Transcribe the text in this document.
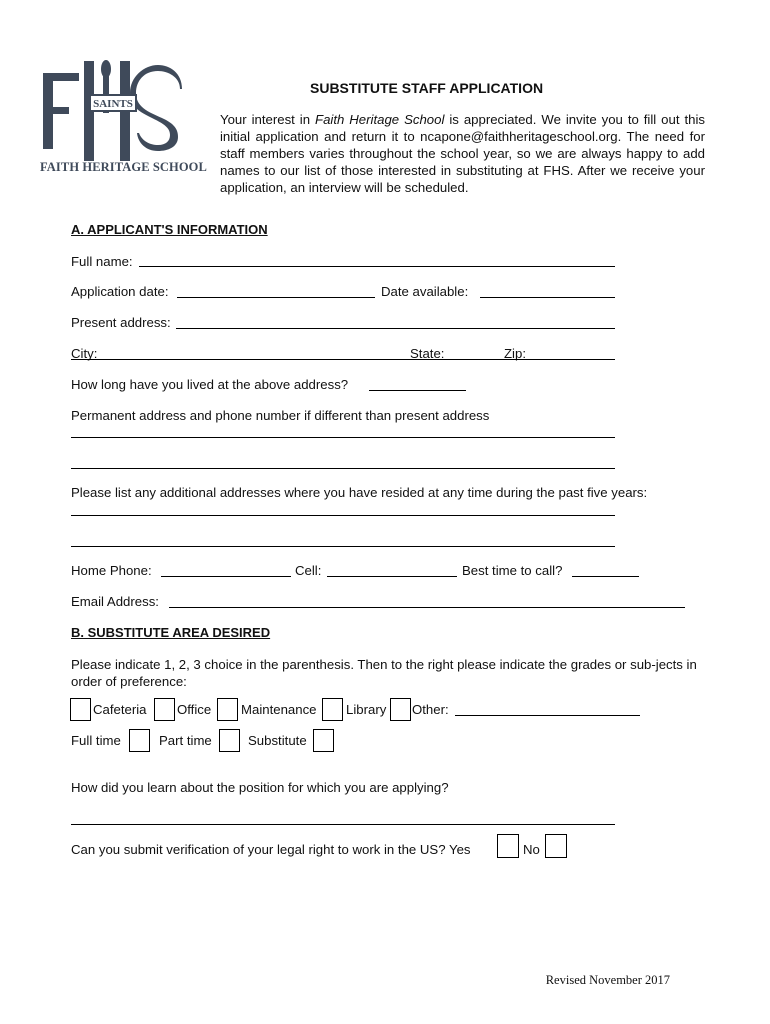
SAINTS
FAITH HERITAGE SCHOOL
SUBSTITUTE STAFF APPLICATION
Your interest in Faith Heritage School is appreciated. We invite you to fill out this initial application and return it to ncapone@faithheritageschool.org. The need for staff members varies throughout the school year, so we are always happy to add names to our list of those interested in substituting at FHS. After we receive your application, an interview will be scheduled.
A. APPLICANT'S INFORMATION
Full name:
Application date:	Date available:
Present address:
City:	State:	Zip:
How long have you lived at the above address?
Permanent address and phone number if different than present address
Please list any additional addresses where you have resided at any time during the past five years:
Home Phone:	Cell:	Best time to call?
Email Address:
B. SUBSTITUTE AREA DESIRED
Please indicate 1, 2, 3 choice in the parenthesis. Then to the right please indicate the grades or sub-jects in order of preference:
Cafeteria Office Maintenance Library Other:
Full time	Part time	Substitute
How did you learn about the position for which you are applying?
Can you submit verification of your legal right to work in the US? Yes	No
Revised November 2017
